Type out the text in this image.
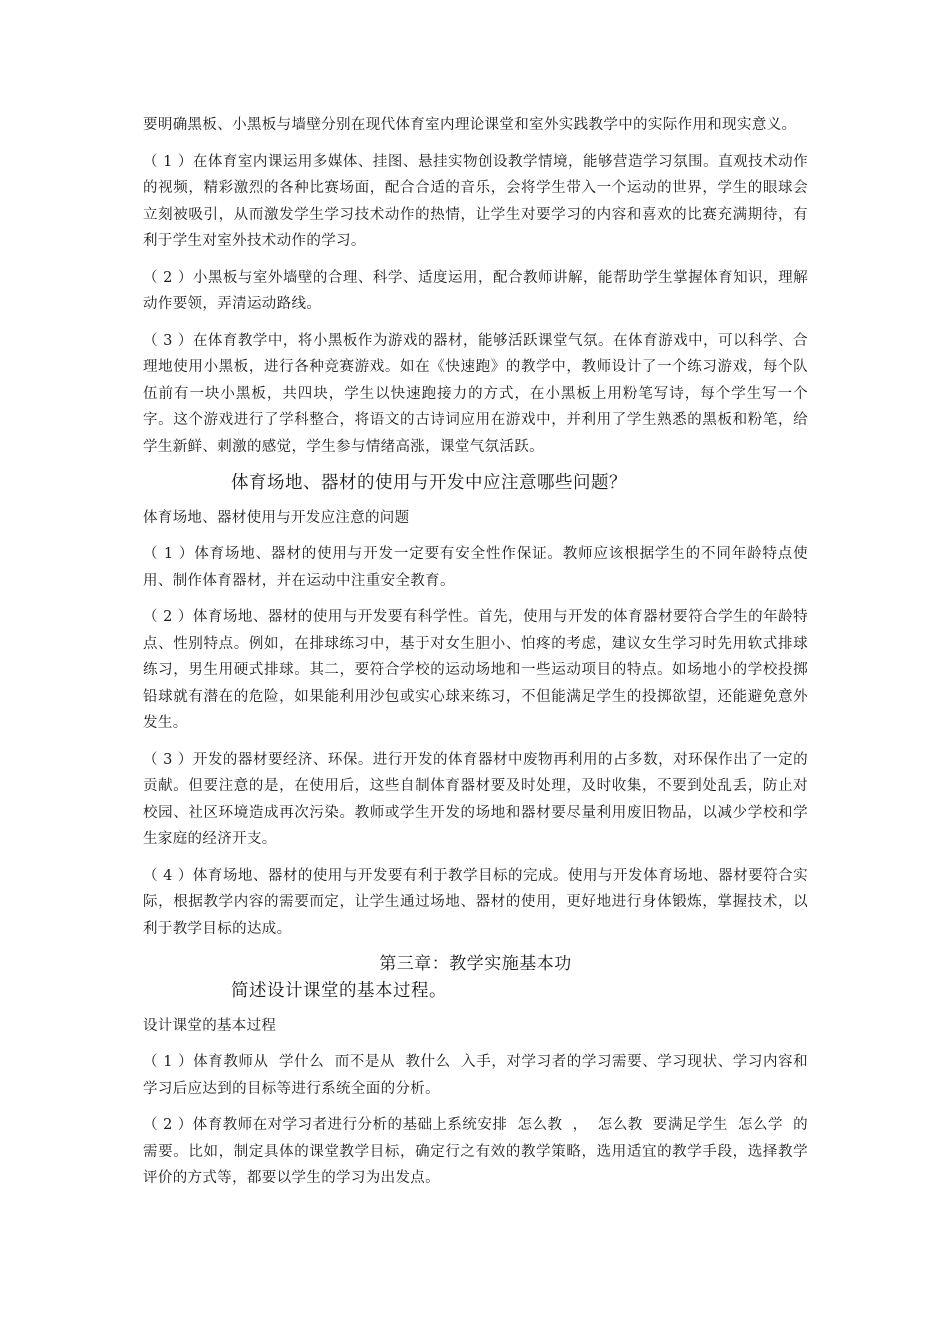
要明确黑板、小黑板与墙壁分别在现代体育室内理论课堂和室外实践教学中的实际作用和现实意义。

（ 1 ）在体育室内课运用多媒体、挂图、悬挂实物创设教学情境，能够营造学习氛围。直观技术动作的视频，精彩激烈的各种比赛场面，配合合适的音乐，会将学生带入一个运动的世界，学生的眼球会立刻被吸引，从而激发学生学习技术动作的热情，让学生对要学习的内容和喜欢的比赛充满期待，有利于学生对室外技术动作的学习。

（ 2 ）小黑板与室外墙壁的合理、科学、适度运用，配合教师讲解，能帮助学生掌握体育知识，理解动作要领，弄清运动路线。

（ 3 ）在体育教学中，将小黑板作为游戏的器材，能够活跃课堂气氛。在体育游戏中，可以科学、合理地使用小黑板，进行各种竞赛游戏。如在《快速跑》的教学中，教师设计了一个练习游戏，每个队伍前有一块小黑板，共四块，学生以快速跑接力的方式，在小黑板上用粉笔写诗，每个学生写一个字。这个游戏进行了学科整合，将语文的古诗词应用在游戏中，并利用了学生熟悉的黑板和粉笔，给学生新鲜、刺激的感觉，学生参与情绪高涨，课堂气氛活跃。

体育场地、器材的使用与开发中应注意哪些问题？

体育场地、器材使用与开发应注意的问题

（ 1 ）体育场地、器材的使用与开发一定要有安全性作保证。教师应该根据学生的不同年龄特点使用、制作体育器材，并在运动中注重安全教育。

（ 2 ）体育场地、器材的使用与开发要有科学性。首先，使用与开发的体育器材要符合学生的年龄特点、性别特点。例如，在排球练习中，基于对女生胆小、怕疼的考虑，建议女生学习时先用软式排球练习，男生用硬式排球。其二，要符合学校的运动场地和一些运动项目的特点。如场地小的学校投掷铅球就有潜在的危险，如果能利用沙包或实心球来练习，不但能满足学生的投掷欲望，还能避免意外发生。

（ 3 ）开发的器材要经济、环保。进行开发的体育器材中废物再利用的占多数，对环保作出了一定的贡献。但要注意的是，在使用后，这些自制体育器材要及时处理，及时收集，不要到处乱丢，防止对校园、社区环境造成再次污染。教师或学生开发的场地和器材要尽量利用废旧物品，以减少学校和学生家庭的经济开支。

（ 4 ）体育场地、器材的使用与开发要有利于教学目标的完成。使用与开发体育场地、器材要符合实际，根据教学内容的需要而定，让学生通过场地、器材的使用，更好地进行身体锻炼，掌握技术，以利于教学目标的达成。

第三章：教学实施基本功
简述设计课堂的基本过程。

设计课堂的基本过程

（ 1 ）体育教师从  学什么  而不是从  教什么  入手，对学习者的学习需要、学习现状、学习内容和学习后应达到的目标等进行系统全面的分析。

（ 2 ）体育教师在对学习者进行分析的基础上系统安排  怎么教  ，  怎么教  要满足学生  怎么学  的需要。比如，制定具体的课堂教学目标，确定行之有效的教学策略，选用适宜的教学手段，选择教学评价的方式等，都要以学生的学习为出发点。
